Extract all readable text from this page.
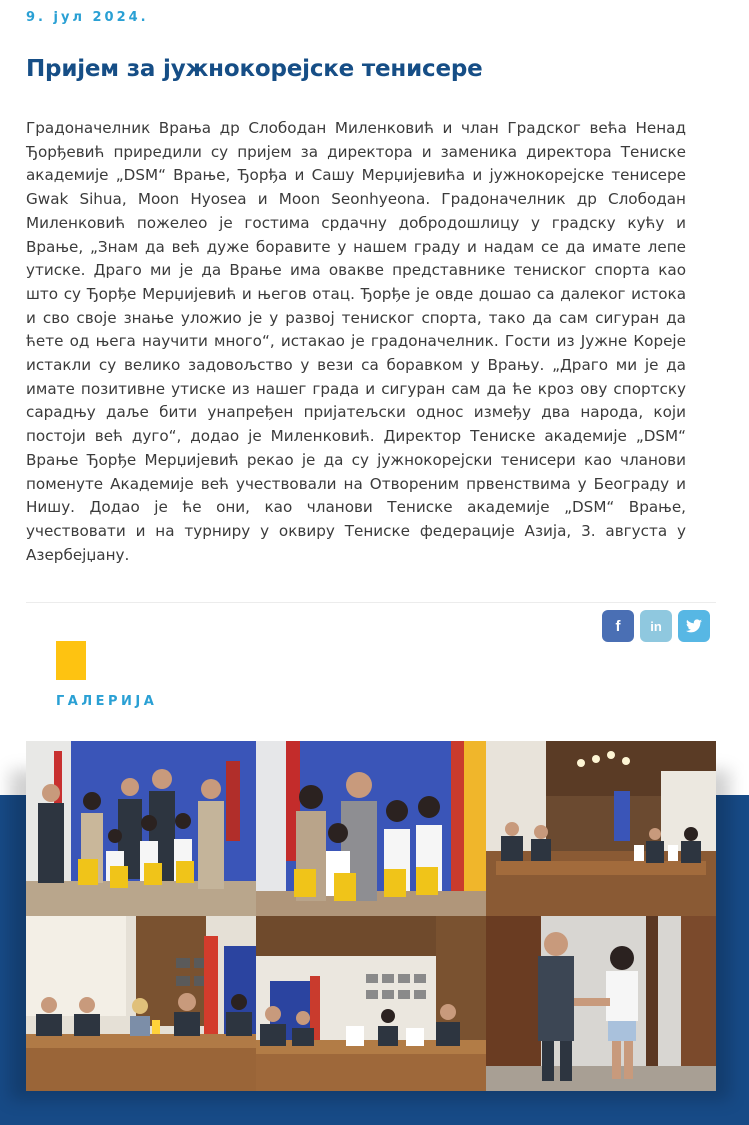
9. јул 2024.
Пријем за јужнокорејске тенисере

Градоначелник Врања др Слободан Миленковић и члан Градског већа Ненад Ђорђевић приредили су пријем за директора и заменика директора Тениске академије „DSM“ Врање, Ђорђа и Сашу Мерџијевића и јужнокорејске тенисере Gwak Sihua, Moon Hyosea и Moon Seonhyeona. Градоначелник др Слободан Миленковић пожелео је гостима срдачну добродошлицу у градску кућу и Врање, „Знам да већ дуже боравите у нашем граду и надам се да имате лепе утиске. Драго ми је да Врање има овакве представнике тениског спорта као што су Ђорђе Мерџијевић и његов отац. Ђорђе је овде дошао са далеког истока и сво своје знање уложио је у развој тениског спорта, тако да сам сигуран да ћете од њега научити много“, истакао је градоначелник. Гости из Јужне Кореје истакли су велико задовољство у вези са боравком у Врању. „Драго ми је да имате позитивне утиске из нашег града и сигуран сам да ће кроз ову спортску сарадњу даље бити унапређен пријатељски однос између два народа, који постоји већ дуго“, додао је Миленковић. Директор Тениске академије „DSM“ Врање Ђорђе Мерџијевић рекао је да су јужнокорејски тенисери као чланови поменуте Академије већ учествовали на Отвореним првенствима у Београду и Нишу. Додао је ће они, као чланови Тениске академије „DSM“ Врање, учествовати и на турниру у оквиру Тениске федерације Азија, 3. августа у Азербејџану.

f in
ГАЛЕРИЈА
